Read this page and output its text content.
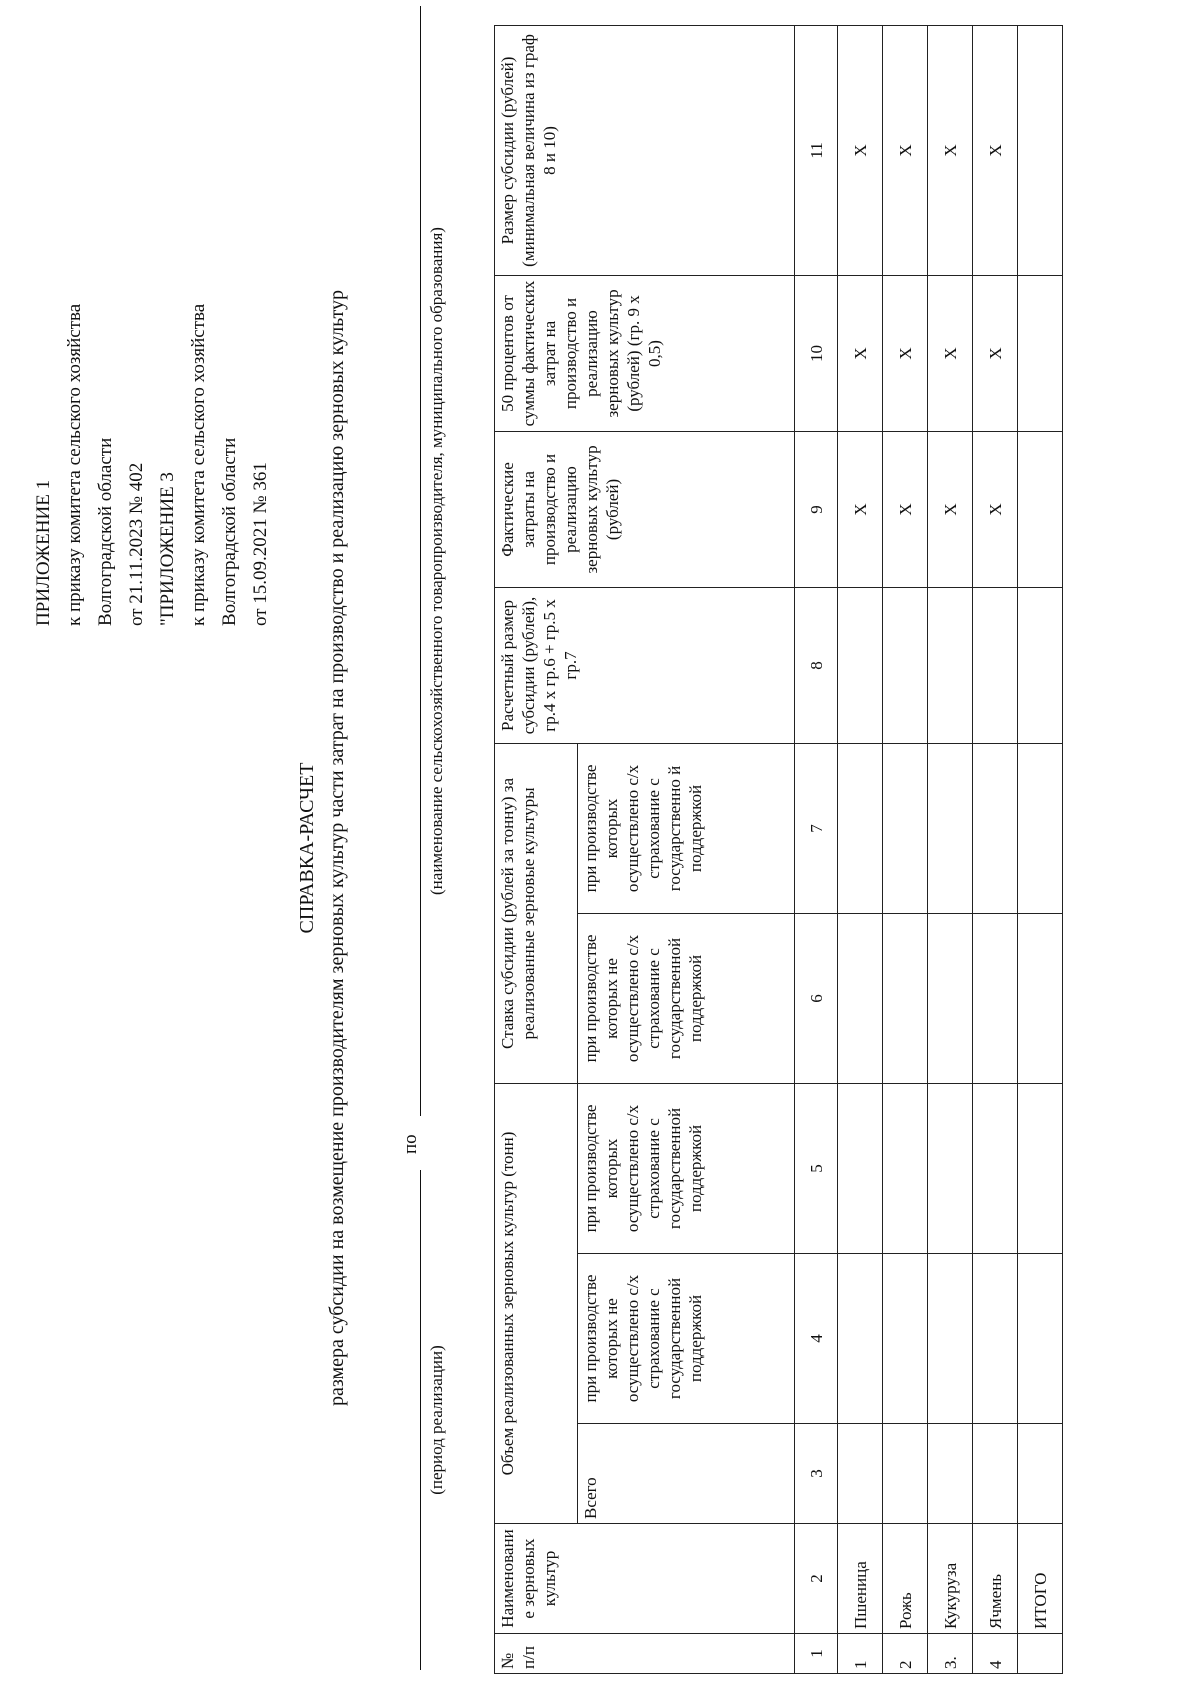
ПРИЛОЖЕНИЕ 1 к приказу комитета сельского хозяйства Волгоградской области от 21.11.2023 № 402 "ПРИЛОЖЕНИЕ 3 к приказу комитета сельского хозяйства Волгоградской области от 15.09.2021 № 361
СПРАВКА-РАСЧЕТ размера субсидии на возмещение производителям зерновых культур части затрат на производство и реализацию зерновых культур
(период реализации)
по
(наименование сельскохозяйственного товаропроизводителя, муниципального образования)
№ п/п	Наименование зерновых культур	Объем реализованных зерновых культур (тонн)			Ставка субсидии (рублей за тонну) за реализованные зерновые культуры		Расчетный размер субсидии (рублей), гр.4 х гр.6 + гр.5 х гр.7	Фактические затраты на производство и реализацию зерновых культур (рублей)	50 процентов от суммы фактических затрат на производство и реализацию зерновых культур (рублей) (гр. 9 х 0,5)	Размер субсидии (рублей) (минимальная величина из граф 8 и 10)
		Всего	при производстве которых не осуществлено с/х страхование с государственной поддержкой	при производстве которых осуществлено с/х страхование с государственной поддержкой	при производстве которых не осуществлено с/х страхование с государственной поддержкой	при производстве которых осуществлено с/х страхование с государственно й поддержкой				
1	2	3	4	5	6	7	8	9	10	11
1	Пшеница							X	X	X
2	Рожь							X	X	X
3.	Кукуруза							X	X	X
4	Ячмень							X	X	X
	ИТОГО									
